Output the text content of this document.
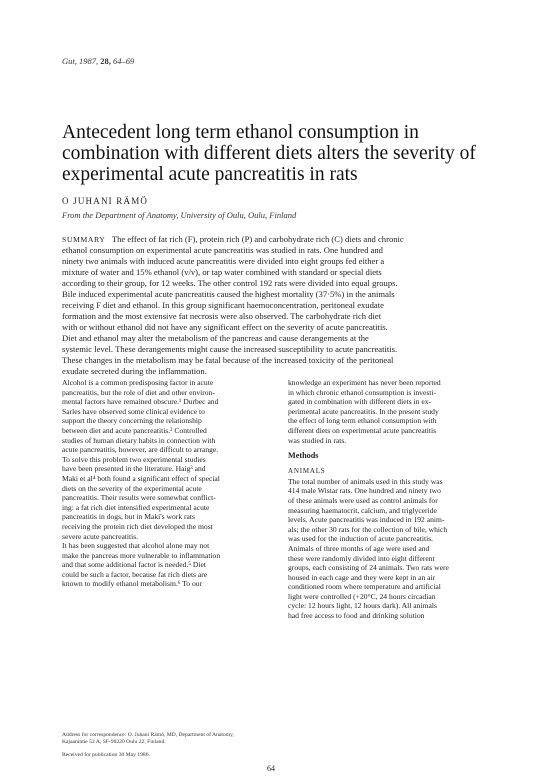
Gut, 1987, 28, 64–69
Antecedent long term ethanol consumption in
combination with different diets alters the severity of
experimental acute pancreatitis in rats
O JUHANI RÄMÖ
From the Department of Anatomy, University of Oulu, Oulu, Finland
SUMMARY The effect of fat rich (F), protein rich (P) and carbohydrate rich (C) diets and chronic
ethanol consumption on experimental acute pancreatitis was studied in rats. One hundred and
ninety two animals with induced acute pancreatitis were divided into eight groups fed either a
mixture of water and 15% ethanol (v/v), or tap water combined with standard or special diets
according to their group, for 12 weeks. The other control 192 rats were divided into equal groups.
Bile induced experimental acute pancreatitis caused the highest mortality (37·5%) in the animals
receiving F diet and ethanol. In this group significant haemoconcentration, peritoneal exudate
formation and the most extensive fat necrosis were also observed. The carbohydrate rich diet
with or without ethanol did not have any significant effect on the severity of acute pancreatitis.
Diet and ethanol may alter the metabolism of the pancreas and cause derangements at the
systemic level. These derangements might cause the increased susceptibility to acute pancreatitis.
These changes in the metabolism may be fatal because of the increased toxicity of the peritoneal
exudate secreted during the inflammation.
Alcohol is a common predisposing factor in acute
pancreatitis, but the role of diet and other environ-
mental factors have remained obscure.¹ Durbec and
Sarles have observed some clinical evidence to
support the theory concerning the relationship
between diet and acute pancreatitis.² Controlled
studies of human dietary habits in connection with
acute pancreatitis, however, are difficult to arrange.
To solve this problem two experimental studies
have been presented in the literature. Haig³ and
Maki et al⁴ both found a significant effect of special
diets on the severity of the experimental acute
pancreatitis. Their results were somewhat conflict-
ing: a fat rich diet intensified experimental acute
pancreatitis in dogs, but in Maki's work rats
receiving the protein rich diet developed the most
severe acute pancreatitis.
It has been suggested that alcohol alone may not
make the pancreas more vulnerable to inflammation
and that some additional factor is needed.⁵ Diet
could be such a factor, because fat rich diets are
known to modify ethanol metabolism.⁶ To our
knowledge an experiment has never been reported
in which chronic ethanol consumption is investi-
gated in combination with different diets in ex-
perimental acute pancreatitis. In the present study
the effect of long term ethanol consumption with
different diets on experimental acute pancreatitis
was studied in rats.
Methods
ANIMALS
The total number of animals used in this study was
414 male Wistar rats. One hundred and ninety two
of these animals were used as control animals for
measuring haematocrit, calcium, and triglyceride
levels. Acute pancreatitis was induced in 192 anim-
als; the other 30 rats for the collection of bile, which
was used for the induction of acute pancreatitis.
Animals of three months of age were used and
these were randomly divided into eight different
groups, each consisting of 24 animals. Two rats were
housed in each cage and they were kept in an air
conditioned room where temperature and artificial
light were controlled (+20°C, 24 hours circadian
cycle: 12 hours light, 12 hours dark). All animals
had free access to food and drinking solution
Address for correspondence: O. Juhani Rämö, MD, Department of Anatomy,
Kajaanintie 52 A, SF-90220 Oulu 22, Finland.
Received for publication 30 May 1986.
64
